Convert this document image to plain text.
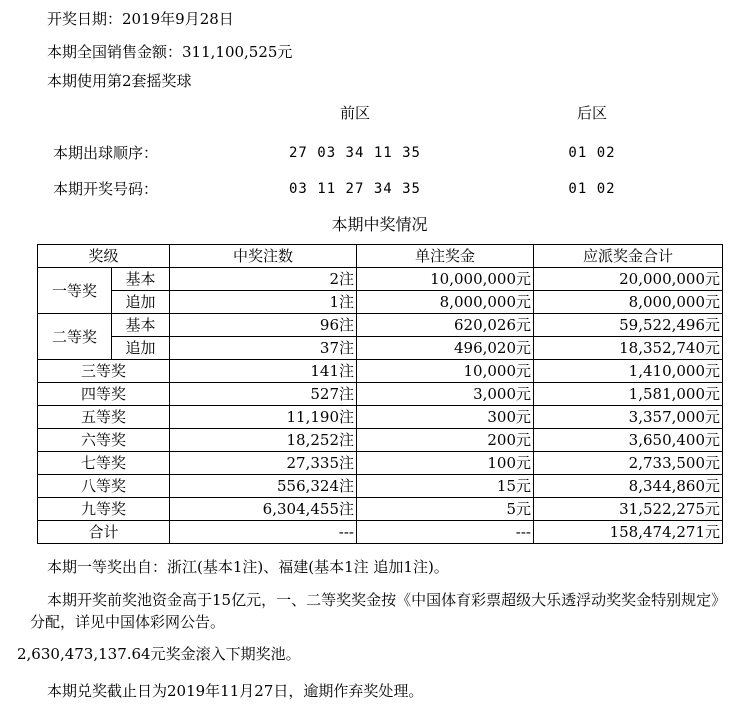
开奖日期：2019年9月28日
本期全国销售金额：311,100,525元
本期使用第2套摇奖球
前区	后区
本期出球顺序：	27 03 34 11 35	01 02
本期开奖号码：	03 11 27 34 35	01 02
本期中奖情况
奖级		中奖注数	单注奖金	应派奖金合计
一等奖	基本	2注	10,000,000元	20,000,000元
	追加	1注	8,000,000元	8,000,000元
二等奖	基本	96注	620,026元	59,522,496元
	追加	37注	496,020元	18,352,740元
三等奖		141注	10,000元	1,410,000元
四等奖		527注	3,000元	1,581,000元
五等奖		11,190注	300元	3,357,000元
六等奖		18,252注	200元	3,650,400元
七等奖		27,335注	100元	2,733,500元
八等奖		556,324注	15元	8,344,860元
九等奖		6,304,455注	5元	31,522,275元
合计		---	---	158,474,271元
本期一等奖出自：浙江(基本1注)、福建(基本1注 追加1注)。
本期开奖前奖池资金高于15亿元，一、二等奖奖金按《中国体育彩票超级大乐透浮动奖奖金特别规定》分配，详见中国体彩网公告。
2,630,473,137.64元奖金滚入下期奖池。
本期兑奖截止日为2019年11月27日，逾期作弃奖处理。
